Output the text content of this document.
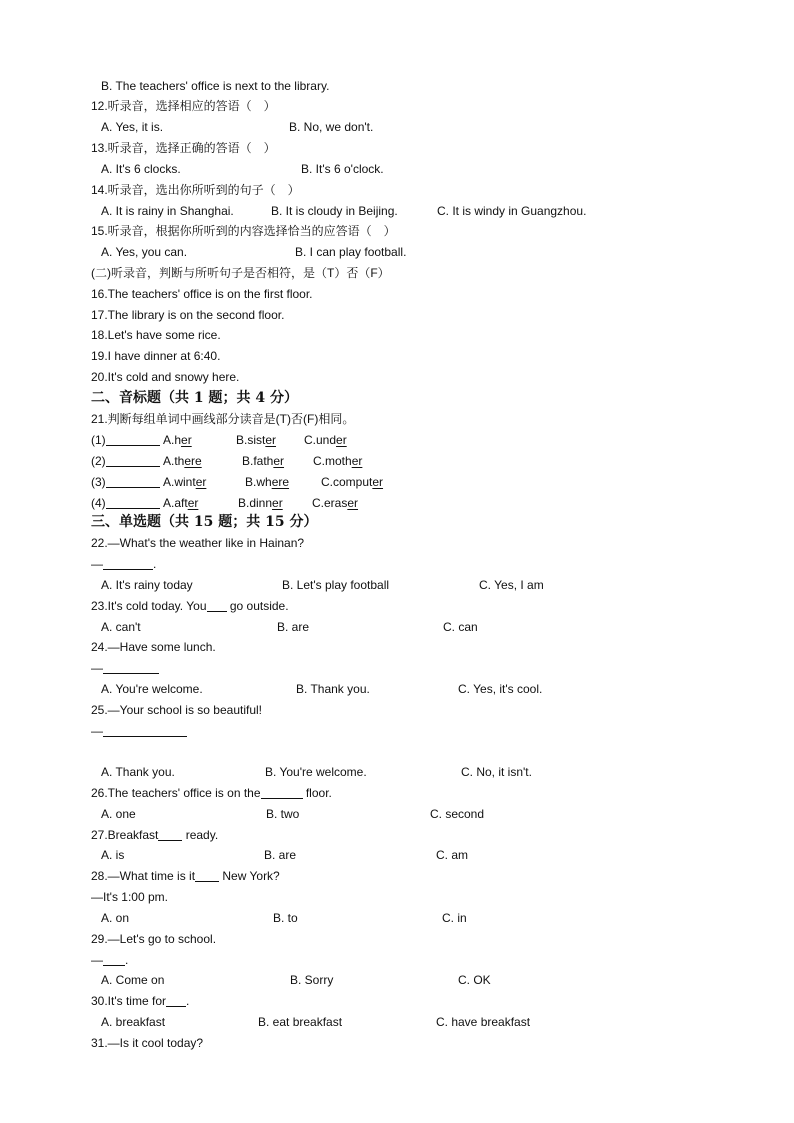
B. The teachers' office is next to the library.
12.听录音，选择相应的答语（　）
A. Yes, it is.	B. No, we don't.
13.听录音，选择正确的答语（　）
A. It's 6 clocks.	B. It's 6 o'clock.
14.听录音，选出你所听到的句子（　）
A. It is rainy in Shanghai.	B. It is cloudy in Beijing.	C. It is windy in Guangzhou.
15.听录音，根据你所听到的内容选择恰当的应答语（　）
A. Yes, you can.	B. I can play football.
(二)听录音，判断与所听句子是否相符，是（T）否（F）
16.The teachers' office is on the first floor.
17.The library is on the second floor.
18.Let's have some rice.
19.I have dinner at 6:40.
20.It's cold and snowy here.
二、音标题（共 1 题；共 4 分）
21.判断每组单词中画线部分读音是(T)否(F)相同。
(1)	A.her	B.sister C.under
(2)	A.there	B.father C.mother
(3)	A.winter	B.where	C.computer
(4)	A.after	B.dinner C.eraser
三、单选题（共 15 题；共 15 分）
22.—What's the weather like in Hainan?
—	.
A. It's rainy today	B. Let's play football	C. Yes, I am
23.It's cold today. You go outside.
A. can't	B. are	C. can
24.—Have some lunch.
—
A. You're welcome.	B. Thank you.	C. Yes, it's cool.
25.—Your school is so beautiful!
—
A. Thank you.	B. You're welcome.	C. No, it isn't.
26.The teachers' office is on the	floor.
A. one	B. two	C. second
27.Breakfast ready.
A. is	B. are	C. am
28.—What time is it New York?
—It's 1:00 pm.
A. on	B. to	C. in
29.—Let's go to school.
— .
A. Come on	B. Sorry	C. OK
30.It's time for .
A. breakfast	B. eat breakfast	C. have breakfast
31.—Is it cool today?
